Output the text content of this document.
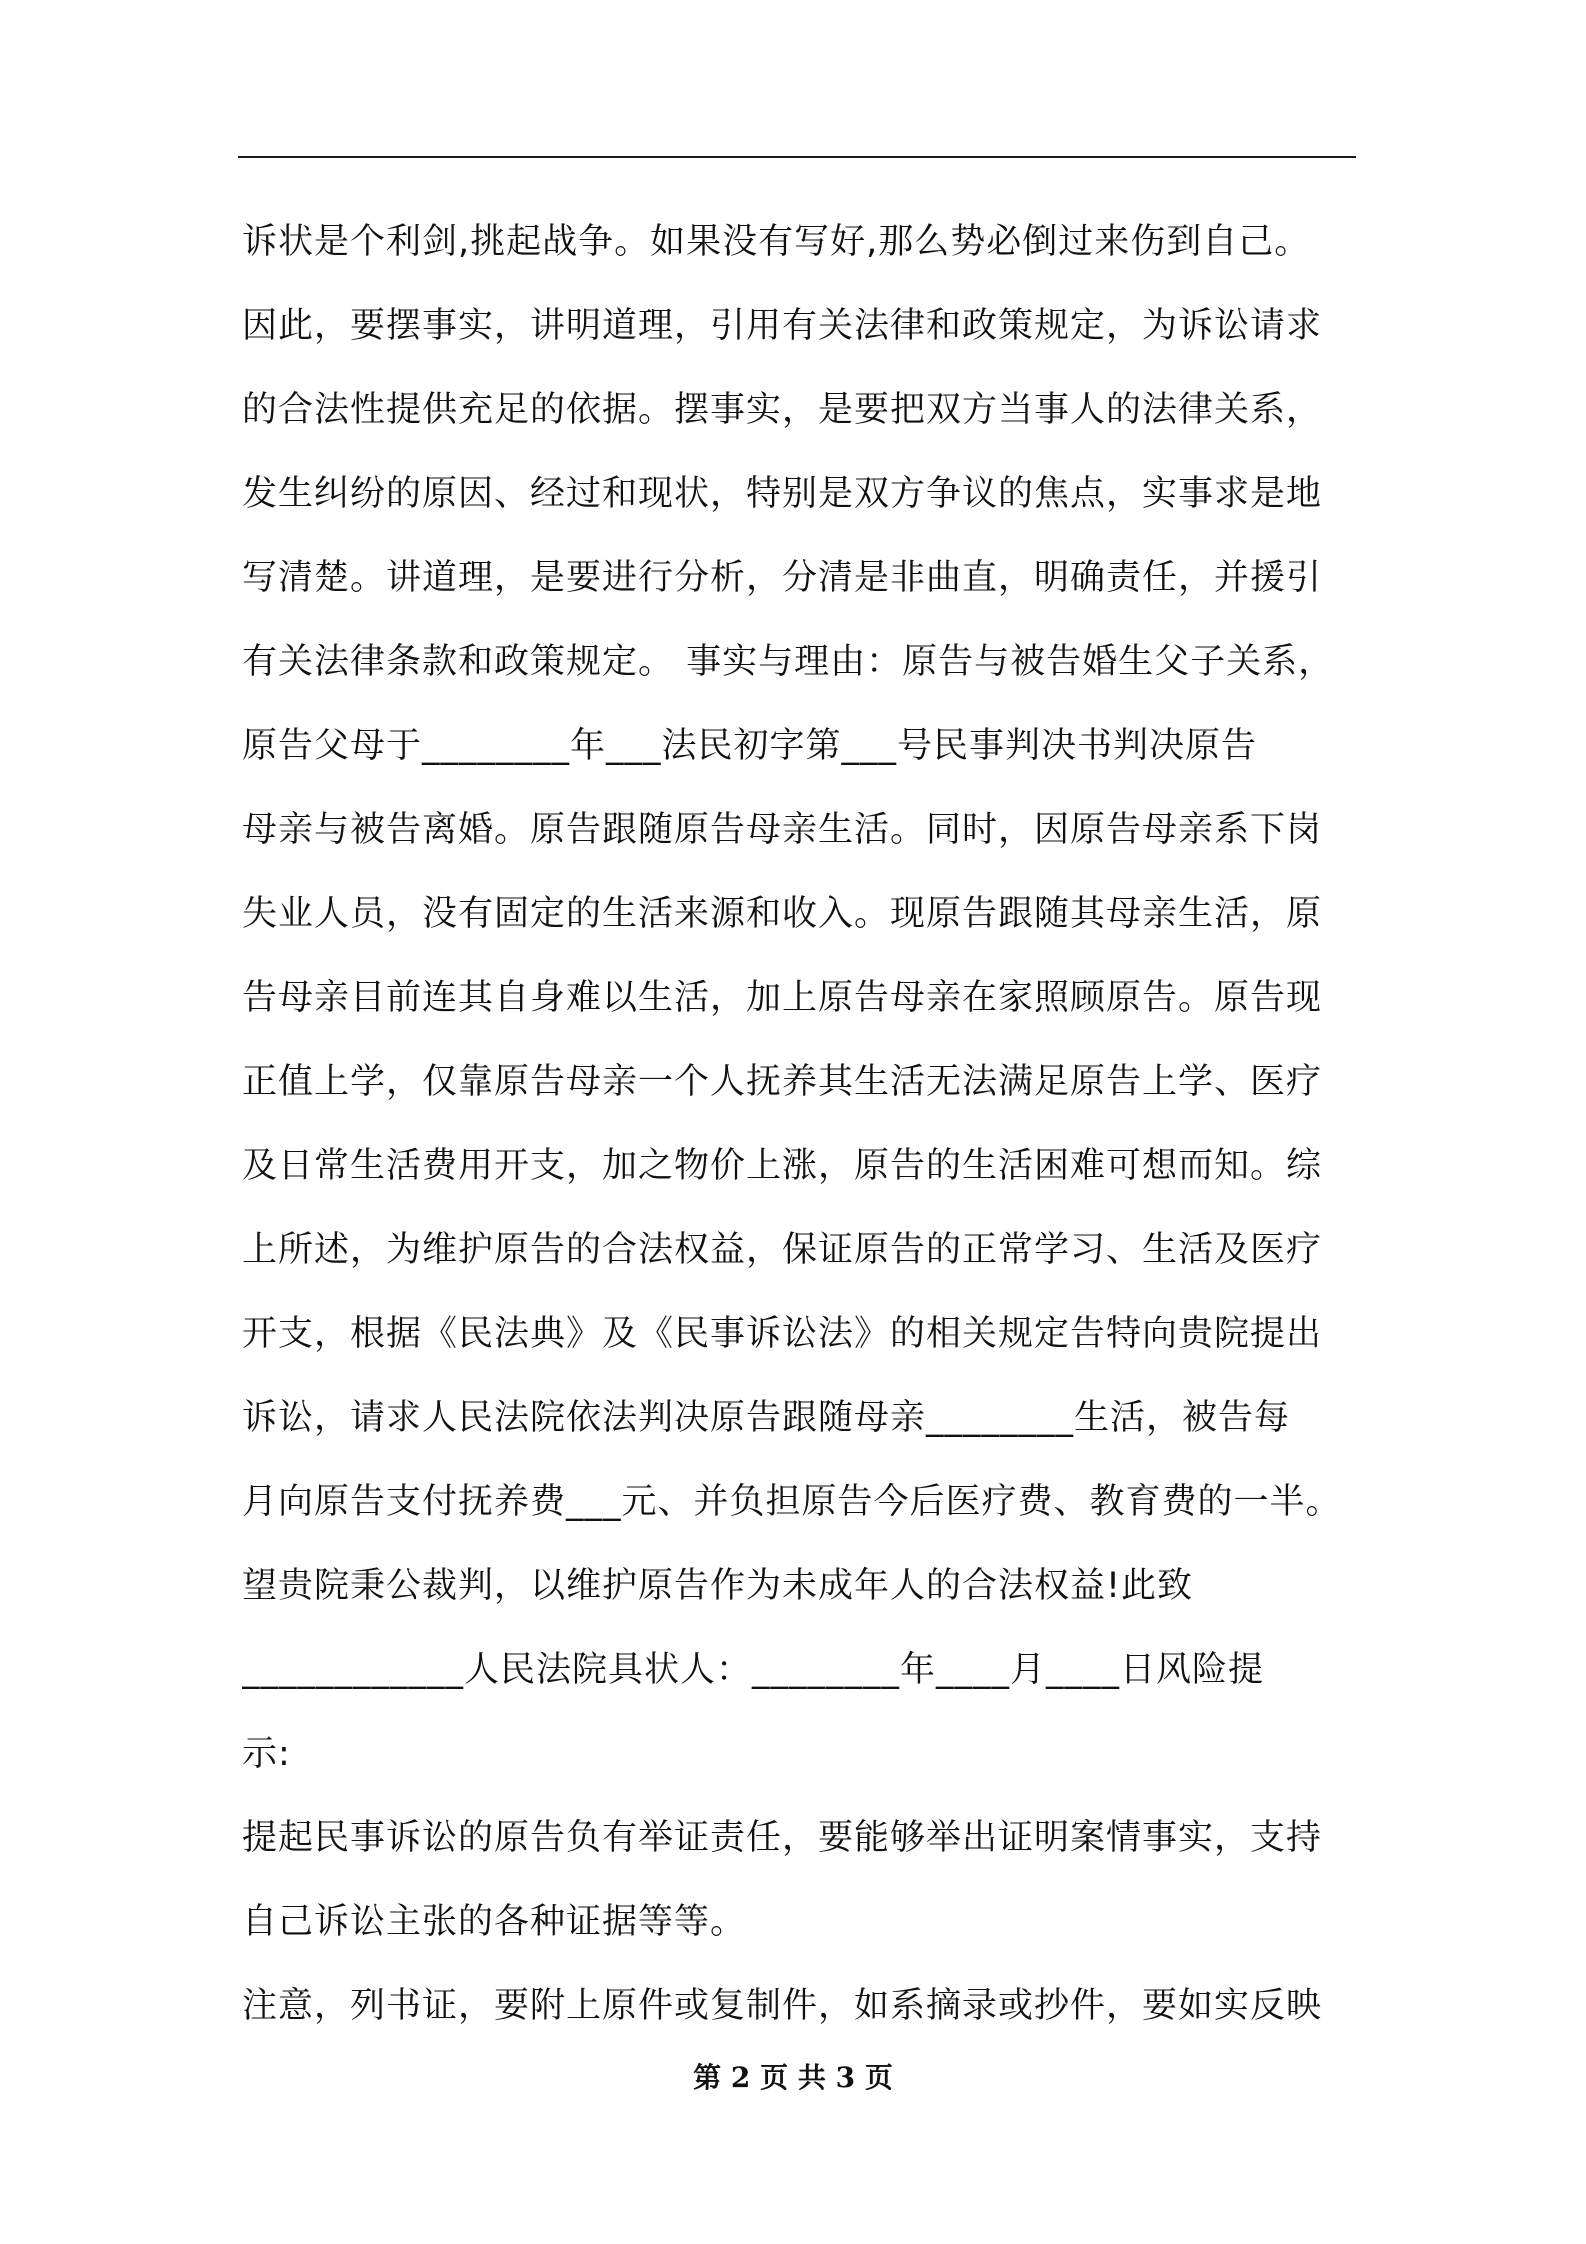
诉状是个利剑,挑起战争。如果没有写好,那么势必倒过来伤到自己。
因此，要摆事实，讲明道理，引用有关法律和政策规定，为诉讼请求
的合法性提供充足的依据。摆事实，是要把双方当事人的法律关系，
发生纠纷的原因、经过和现状，特别是双方争议的焦点，实事求是地
写清楚。讲道理，是要进行分析，分清是非曲直，明确责任，并援引
有关法律条款和政策规定。 事实与理由：原告与被告婚生父子关系，
原告父母于________年___法民初字第___号民事判决书判决原告
母亲与被告离婚。原告跟随原告母亲生活。同时，因原告母亲系下岗
失业人员，没有固定的生活来源和收入。现原告跟随其母亲生活，原
告母亲目前连其自身难以生活，加上原告母亲在家照顾原告。原告现
正值上学，仅靠原告母亲一个人抚养其生活无法满足原告上学、医疗
及日常生活费用开支，加之物价上涨，原告的生活困难可想而知。综
上所述，为维护原告的合法权益，保证原告的正常学习、生活及医疗
开支，根据《民法典》及《民事诉讼法》的相关规定告特向贵院提出
诉讼，请求人民法院依法判决原告跟随母亲________生活，被告每
月向原告支付抚养费___元、并负担原告今后医疗费、教育费的一半。
望贵院秉公裁判，以维护原告作为未成年人的合法权益!此致
____________人民法院具状人：________年____月____日风险提
示:
提起民事诉讼的原告负有举证责任，要能够举出证明案情事实，支持
自己诉讼主张的各种证据等等。
注意，列书证，要附上原件或复制件，如系摘录或抄件，要如实反映
第 2 页 共 3 页
